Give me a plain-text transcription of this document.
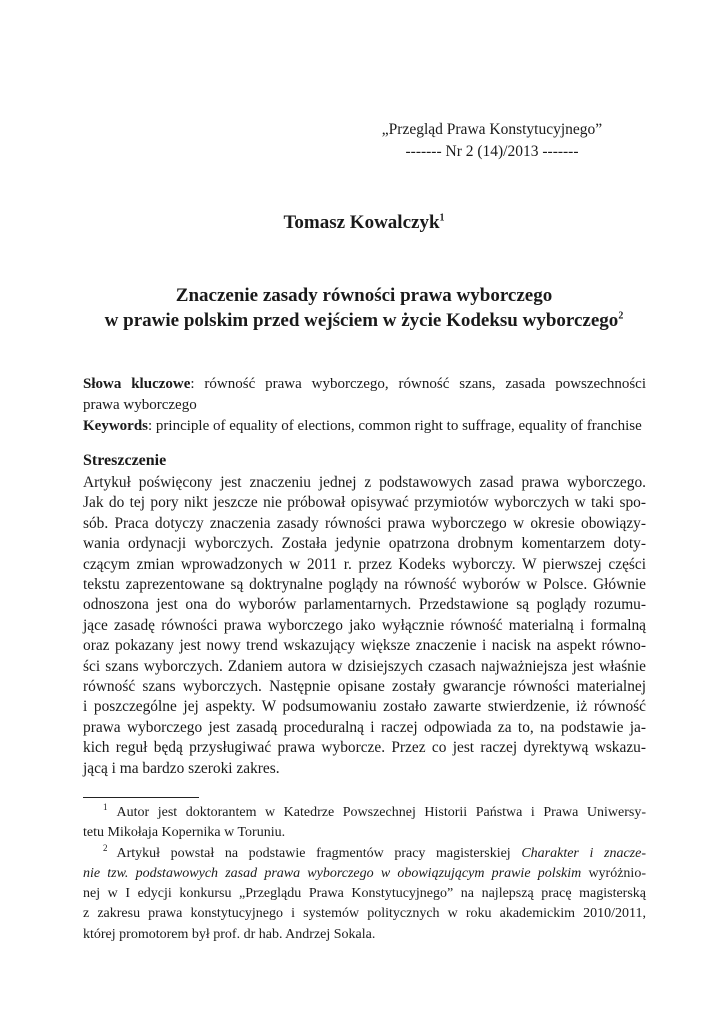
„Przegląd Prawa Konstytucyjnego”
------- Nr 2 (14)/2013 -------
Tomasz Kowalczyk$^1$
Znaczenie zasady równości prawa wyborczego
w prawie polskim przed wejściem w życie Kodeksu wyborczego$^2$

Słowa kluczowe: równość prawa wyborczego, równość szans, zasada powszechności

prawa wyborczego

Keywords: principle of equality of elections, common right to suffrage, equality of franchise

Streszczenie
Artykuł poświęcony jest znaczeniu jednej z podstawowych zasad prawa wyborczego.
Jak do tej pory nikt jeszcze nie próbował opisywać przymiotów wyborczych w taki spo-
sób. Praca dotyczy znaczenia zasady równości prawa wyborczego w okresie obowiązy-
wania ordynacji wyborczych. Została jedynie opatrzona drobnym komentarzem doty-
czącym zmian wprowadzonych w 2011 r. przez Kodeks wyborczy. W pierwszej części
tekstu zaprezentowane są doktrynalne poglądy na równość wyborów w Polsce. Głównie
odnoszona jest ona do wyborów parlamentarnych. Przedstawione są poglądy rozumu-
jące zasadę równości prawa wyborczego jako wyłącznie równość materialną i formalną
oraz pokazany jest nowy trend wskazujący większe znaczenie i nacisk na aspekt równo-
ści szans wyborczych. Zdaniem autora w dzisiejszych czasach najważniejsza jest właśnie
równość szans wyborczych. Następnie opisane zostały gwarancje równości materialnej
i poszczególne jej aspekty. W podsumowaniu zostało zawarte stwierdzenie, iż równość
prawa wyborczego jest zasadą proceduralną i raczej odpowiada za to, na podstawie ja-
kich reguł będą przysługiwać prawa wyborcze. Przez co jest raczej dyrektywą wskazu-
jącą i ma bardzo szeroki zakres.
$^1$ Autor jest doktorantem w Katedrze Powszechnej Historii Państwa i Prawa Uniwersy-
tetu Mikołaja Kopernika w Toruniu.
$^2$ Artykuł powstał na podstawie fragmentów pracy magisterskiej Charakter i znacze-
nie tzw. podstawowych zasad prawa wyborczego w obowiązującym prawie polskim wyróżnio-
nej w I edycji konkursu „Przeglądu Prawa Konstytucyjnego” na najlepszą pracę magisterską
z zakresu prawa konstytucyjnego i systemów politycznych w roku akademickim 2010/2011,
której promotorem był prof. dr hab. Andrzej Sokala.
